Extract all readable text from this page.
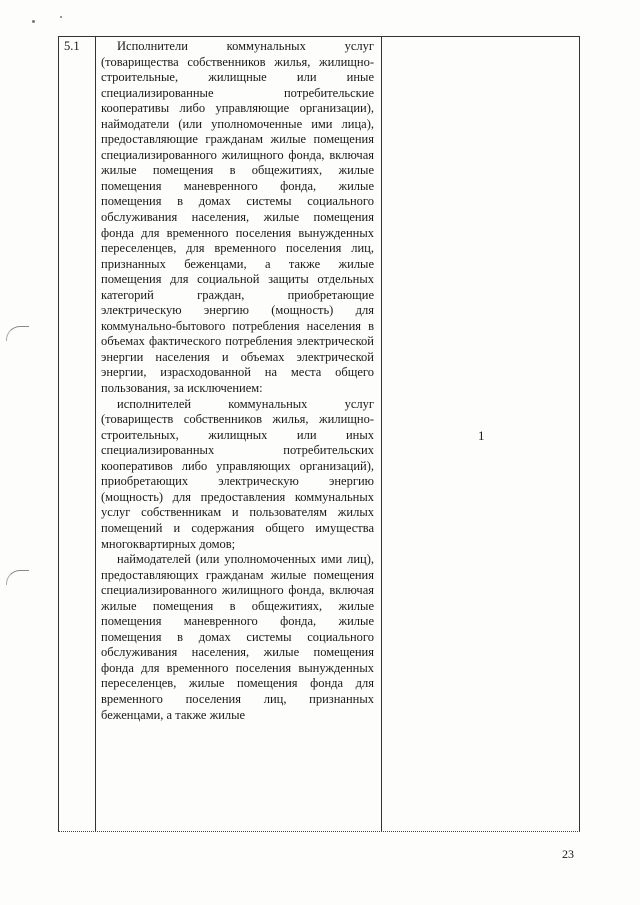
5.1	Исполнители коммунальных услуг (товарищества собственников жилья, жилищно-строительные, жилищные или иные специализированные потребительские кооперативы либо управляющие организации), наймодатели (или уполномоченные ими лица), предоставляющие гражданам жилые помещения специализированного жилищного фонда, включая жилые помещения в общежитиях, жилые помещения маневренного фонда, жилые помещения в домах системы социального обслуживания населения, жилые помещения фонда для временного поселения вынужденных переселенцев, для временного поселения лиц, признанных беженцами, а также жилые помещения для социальной защиты отдельных категорий граждан, приобретающие электрическую энергию (мощность) для коммунально-бытового потребления населения в объемах фактического потребления электрической энергии населения и объемах электрической энергии, израсходованной на места общего пользования, за исключением:

исполнителей коммунальных услуг (товариществ собственников жилья, жилищно-строительных, жилищных или иных специализированных потребительских кооперативов либо управляющих организаций), приобретающих электрическую энергию (мощность) для предоставления коммунальных услуг собственникам и пользователям жилых помещений и содержания общего имущества многоквартирных домов;

наймодателей (или уполномоченных ими лиц), предоставляющих гражданам жилые помещения специализированного жилищного фонда, включая жилые помещения в общежитиях, жилые помещения маневренного фонда, жилые помещения в домах системы социального обслуживания населения, жилые помещения фонда для временного поселения вынужденных переселенцев, жилые помещения фонда для временного поселения лиц, признанных беженцами, а также жилые

1
23
